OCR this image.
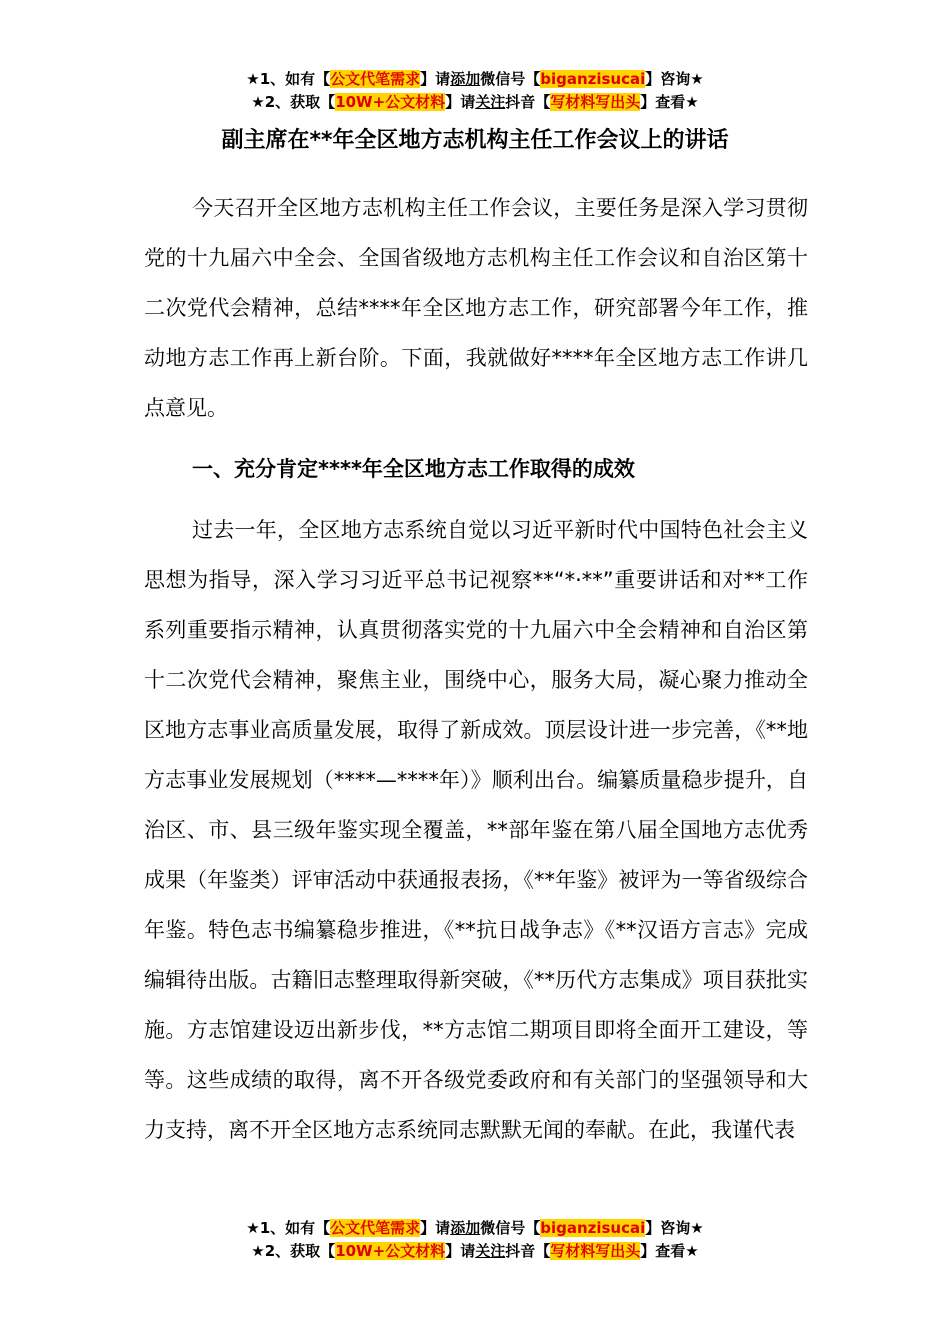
★1、如有【公文代笔需求】请添加微信号【biganzisucai】咨询★
★2、获取【10W+公文材料】请关注抖音【写材料写出头】查看★
副主席在**年全区地方志机构主任工作会议上的讲话

今天召开全区地方志机构主任工作会议，主要任务是深入学习贯彻党的十九届六中全会、全国省级地方志机构主任工作会议和自治区第十二次党代会精神，总结****年全区地方志工作，研究部署今年工作，推动地方志工作再上新台阶。下面，我就做好****年全区地方志工作讲几点意见。

一、充分肯定****年全区地方志工作取得的成效

过去一年，全区地方志系统自觉以习近平新时代中国特色社会主义思想为指导，深入学习习近平总书记视察**“*·**”重要讲话和对**工作系列重要指示精神，认真贯彻落实党的十九届六中全会精神和自治区第十二次党代会精神，聚焦主业，围绕中心，服务大局，凝心聚力推动全区地方志事业高质量发展，取得了新成效。顶层设计进一步完善，《**地方志事业发展规划（****—****年）》顺利出台。编纂质量稳步提升，自治区、市、县三级年鉴实现全覆盖，**部年鉴在第八届全国地方志优秀成果（年鉴类）评审活动中获通报表扬，《**年鉴》被评为一等省级综合年鉴。特色志书编纂稳步推进，《**抗日战争志》《**汉语方言志》完成编辑待出版。古籍旧志整理取得新突破，《**历代方志集成》项目获批实施。方志馆建设迈出新步伐，**方志馆二期项目即将全面开工建设，等等。这些成绩的取得，离不开各级党委政府和有关部门的坚强领导和大力支持，离不开全区地方志系统同志默默无闻的奉献。在此，我谨代表

★1、如有【公文代笔需求】请添加微信号【biganzisucai】咨询★
★2、获取【10W+公文材料】请关注抖音【写材料写出头】查看★
